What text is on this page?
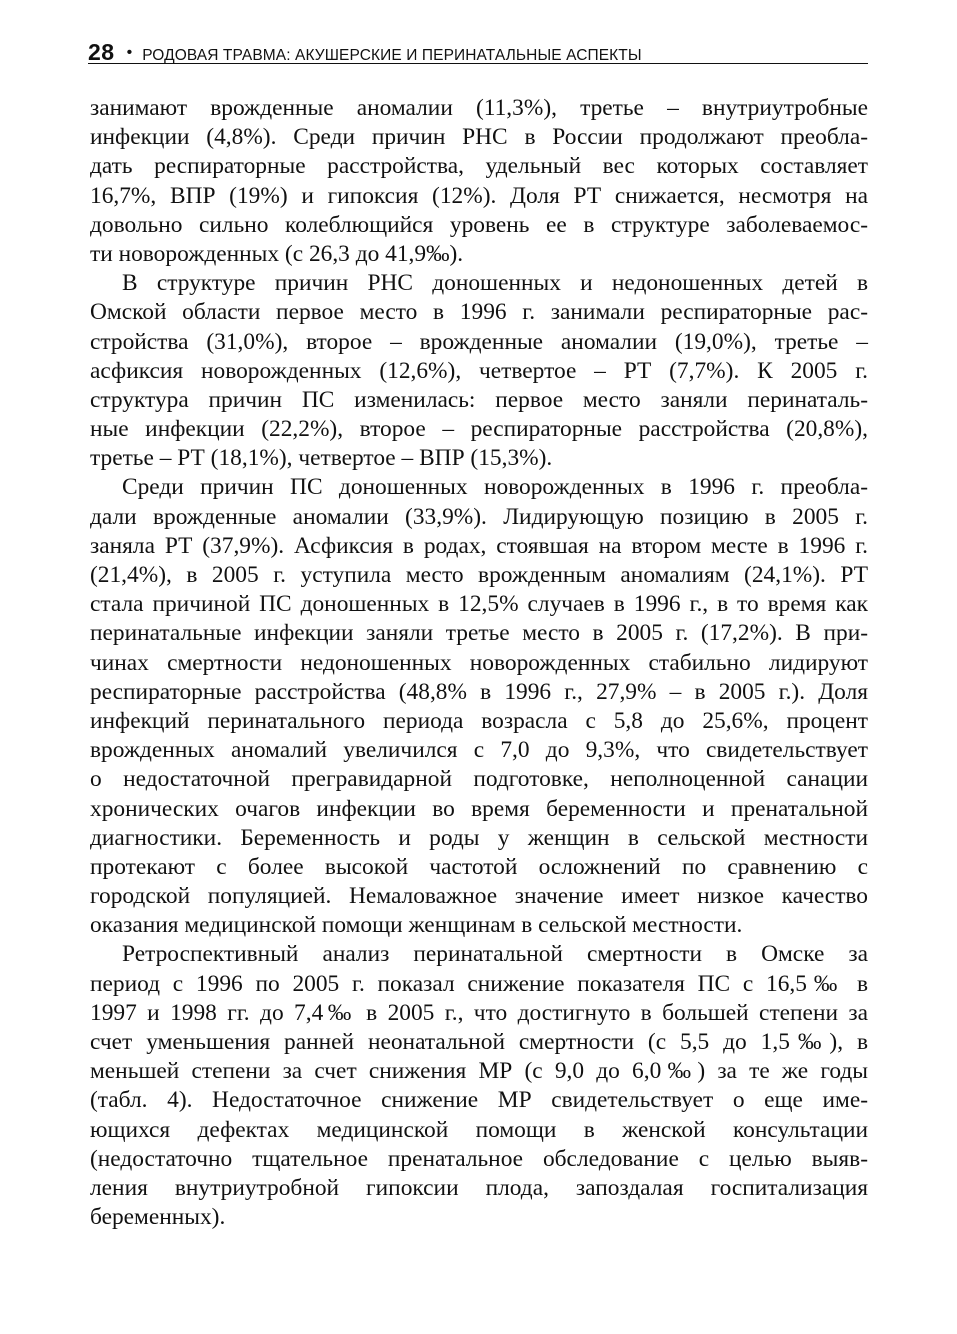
28 • РОДОВАЯ ТРАВМА: АКУШЕРСКИЕ И ПЕРИНАТАЛЬНЫЕ АСПЕКТЫ

занимают врожденные аномалии (11,3%), третье – внутриутробные
инфекции (4,8%). Среди причин РНС в России продолжают преобла-
дать респираторные расстройства, удельный вес которых составляет
16,7%, ВПР (19%) и гипоксия (12%). Доля РТ снижается, несмотря на
довольно сильно колеблющийся уровень ее в структуре заболеваемос-
ти новорожденных (с 26,3 до 41,9‰).

В структуре причин РНС доношенных и недоношенных детей в
Омской области первое место в 1996 г. занимали респираторные рас-
стройства (31,0%), второе – врожденные аномалии (19,0%), третье –
асфиксия новорожденных (12,6%), четвертое – РТ (7,7%). К 2005 г.
структура причин ПС изменилась: первое место заняли перинаталь-
ные инфекции (22,2%), второе – респираторные расстройства (20,8%),
третье – РТ (18,1%), четвертое – ВПР (15,3%).

Среди причин ПС доношенных новорожденных в 1996 г. преобла-
дали врожденные аномалии (33,9%). Лидирующую позицию в 2005 г.
заняла РТ (37,9%). Асфиксия в родах, стоявшая на втором месте в 1996 г.
(21,4%), в 2005 г. уступила место врожденным аномалиям (24,1%). РТ
стала причиной ПС доношенных в 12,5% случаев в 1996 г., в то время как
перинатальные инфекции заняли третье место в 2005 г. (17,2%). В при-
чинах смертности недоношенных новорожденных стабильно лидируют
респираторные расстройства (48,8% в 1996 г., 27,9% – в 2005 г.). Доля
инфекций перинатального периода возрасла с 5,8 до 25,6%, процент
врожденных аномалий увеличился с 7,0 до 9,3%, что свидетельствует
о недостаточной прегравидарной подготовке, неполноценной санации
хронических очагов инфекции во время беременности и пренатальной
диагностики. Беременность и роды у женщин в сельской местности
протекают с более высокой частотой осложнений по сравнению с
городской популяцией. Немаловажное значение имеет низкое качество
оказания медицинской помощи женщинам в сельской местности.

Ретроспективный анализ перинатальной смертности в Омске за
период с 1996 по 2005 г. показал снижение показателя ПС с 16,5‰ в
1997 и 1998 гг. до 7,4‰ в 2005 г., что достигнуто в большей степени за
счет уменьшения ранней неонатальной смертности (с 5,5 до 1,5‰), в
меньшей степени за счет снижения МР (с 9,0 до 6,0‰) за те же годы
(табл. 4). Недостаточное снижение МР свидетельствует о еще име-
ющихся дефектах медицинской помощи в женской консультации
(недостаточно тщательное пренатальное обследование с целью выяв-
ления внутриутробной гипоксии плода, запоздалая госпитализация
беременных).
